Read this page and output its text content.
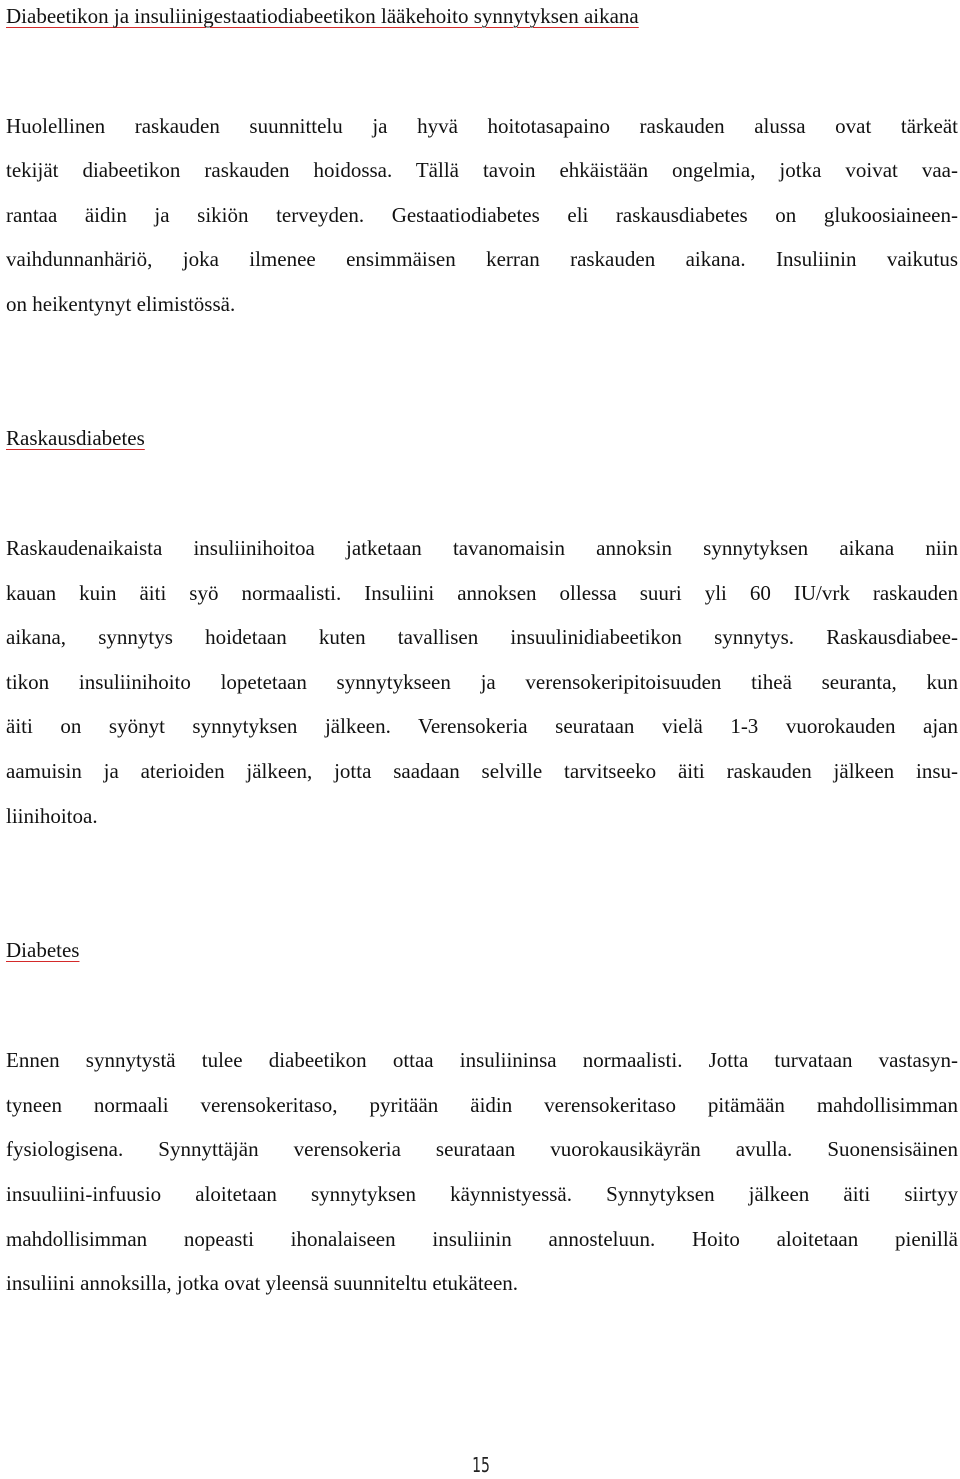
Diabeetikon ja insuliinigestaatiodiabeetikon lääkehoito synnytyksen aikana

Huolellinen raskauden suunnittelu ja hyvä hoitotasapaino raskauden alussa ovat tärkeät

tekijät diabeetikon raskauden hoidossa. Tällä tavoin ehkäistään ongelmia, jotka voivat vaa-

rantaa äidin ja sikiön terveyden. Gestaatiodiabetes eli raskausdiabetes on glukoosiaineen-

vaihdunnanhäriö, joka ilmenee ensimmäisen kerran raskauden aikana. Insuliinin vaikutus

on heikentynyt elimistössä.

Raskausdiabetes

Raskaudenaikaista insuliinihoitoa jatketaan tavanomaisin annoksin synnytyksen aikana niin

kauan kuin äiti syö normaalisti. Insuliini annoksen ollessa suuri yli 60 IU/vrk raskauden

aikana, synnytys hoidetaan kuten tavallisen insuulinidiabeetikon synnytys. Raskausdiabee-

tikon insuliinihoito lopetetaan synnytykseen ja verensokeripitoisuuden tiheä seuranta, kun

äiti on syönyt synnytyksen jälkeen. Verensokeria seurataan vielä 1-3 vuorokauden ajan

aamuisin ja aterioiden jälkeen, jotta saadaan selville tarvitseeko äiti raskauden jälkeen insu-

liinihoitoa.

Diabetes

Ennen synnytystä tulee diabeetikon ottaa insuliininsa normaalisti. Jotta turvataan vastasyn-

tyneen normaali verensokeritaso, pyritään äidin verensokeritaso pitämään mahdollisimman

fysiologisena. Synnyttäjän verensokeria seurataan vuorokausikäyrän avulla. Suonensisäinen

insuuliini-infuusio aloitetaan synnytyksen käynnistyessä. Synnytyksen jälkeen äiti siirtyy

mahdollisimman nopeasti ihonalaiseen insuliinin annosteluun. Hoito aloitetaan pienillä

insuliini annoksilla, jotka ovat yleensä suunniteltu etukäteen.

15
